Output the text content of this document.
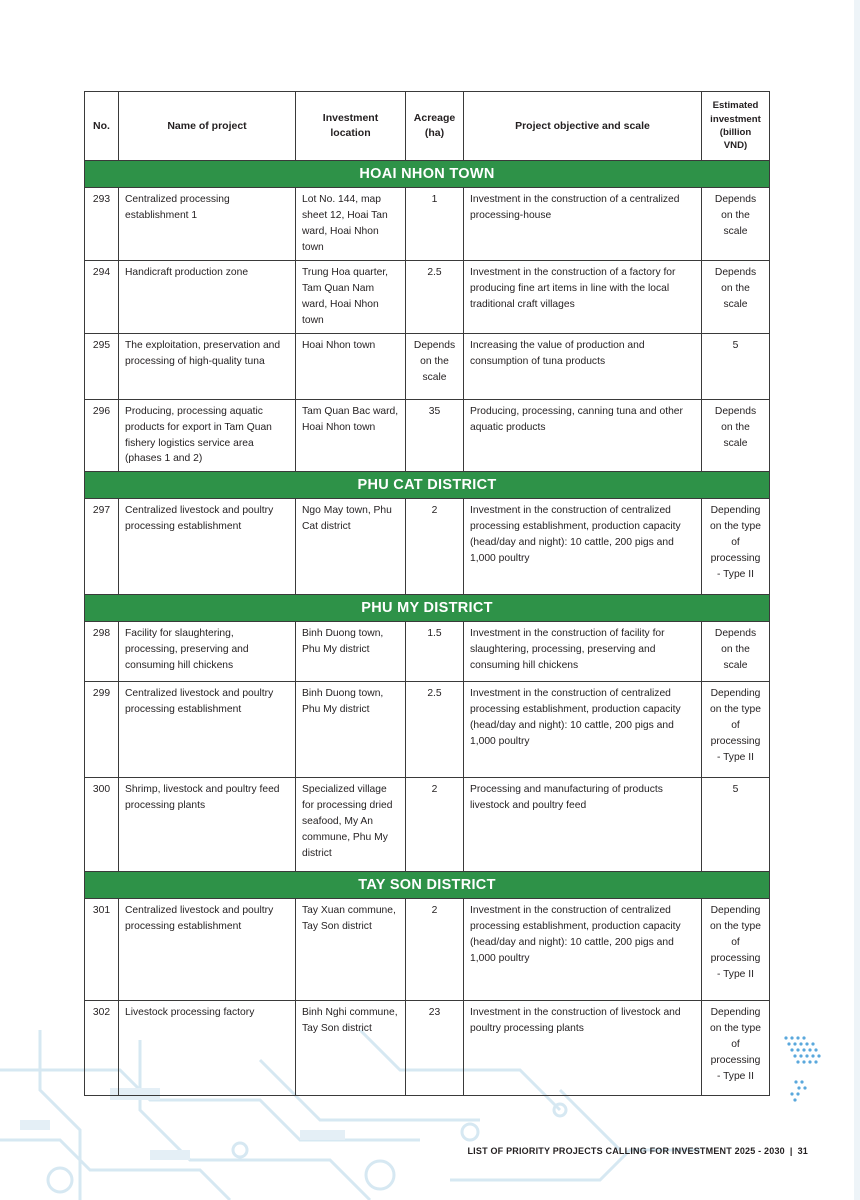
No.	Name of project	Investment location	Acreage (ha)	Project objective and scale	Estimated investment (billion VND)
HOAI NHON TOWN					
293	Centralized processing establishment 1	Lot No. 144, map sheet 12, Hoai Tan ward, Hoai Nhon town	1	Investment in the construction of a centralized processing-house	Depends on the scale
294	Handicraft production zone	Trung Hoa quarter, Tam Quan Nam ward, Hoai Nhon town	2.5	Investment in the construction of a factory for producing fine art items in line with the local traditional craft villages	Depends on the scale
295	The exploitation, preservation and processing of high-quality tuna	Hoai Nhon town	Depends on the scale	Increasing the value of production and consumption of tuna products	5
296	Producing, processing aquatic products for export in Tam Quan fishery logistics service area (phases 1 and 2)	Tam Quan Bac ward, Hoai Nhon town	35	Producing, processing, canning tuna and other aquatic products	Depends on the scale
PHU CAT DISTRICT					
297	Centralized livestock and poultry processing establishment	Ngo May town, Phu Cat district	2	Investment in the construction of centralized processing establishment, production capacity (head/day and night): 10 cattle, 200 pigs and 1,000 poultry	Depending on the type of processing - Type II
PHU MY DISTRICT					
298	Facility for slaughtering, processing, preserving and consuming hill chickens	Binh Duong town, Phu My district	1.5	Investment in the construction of facility for slaughtering, processing, preserving and consuming hill chickens	Depends on the scale
299	Centralized livestock and poultry processing establishment	Binh Duong town, Phu My district	2.5	Investment in the construction of centralized processing establishment, production capacity (head/day and night): 10 cattle, 200 pigs and 1,000 poultry	Depending on the type of processing - Type II
300	Shrimp, livestock and poultry feed processing plants	Specialized village for processing dried seafood, My An commune, Phu My district	2	Processing and manufacturing of products livestock and poultry feed	5
TAY SON DISTRICT					
301	Centralized livestock and poultry processing establishment	Tay Xuan commune, Tay Son district	2	Investment in the construction of centralized processing establishment, production capacity (head/day and night): 10 cattle, 200 pigs and 1,000 poultry	Depending on the type of processing - Type II
302	Livestock processing factory	Binh Nghi commune, Tay Son district	23	Investment in the construction of livestock and poultry processing plants	Depending on the type of processing - Type II
LIST OF PRIORITY PROJECTS CALLING FOR INVESTMENT 2025 - 2030 | 31
